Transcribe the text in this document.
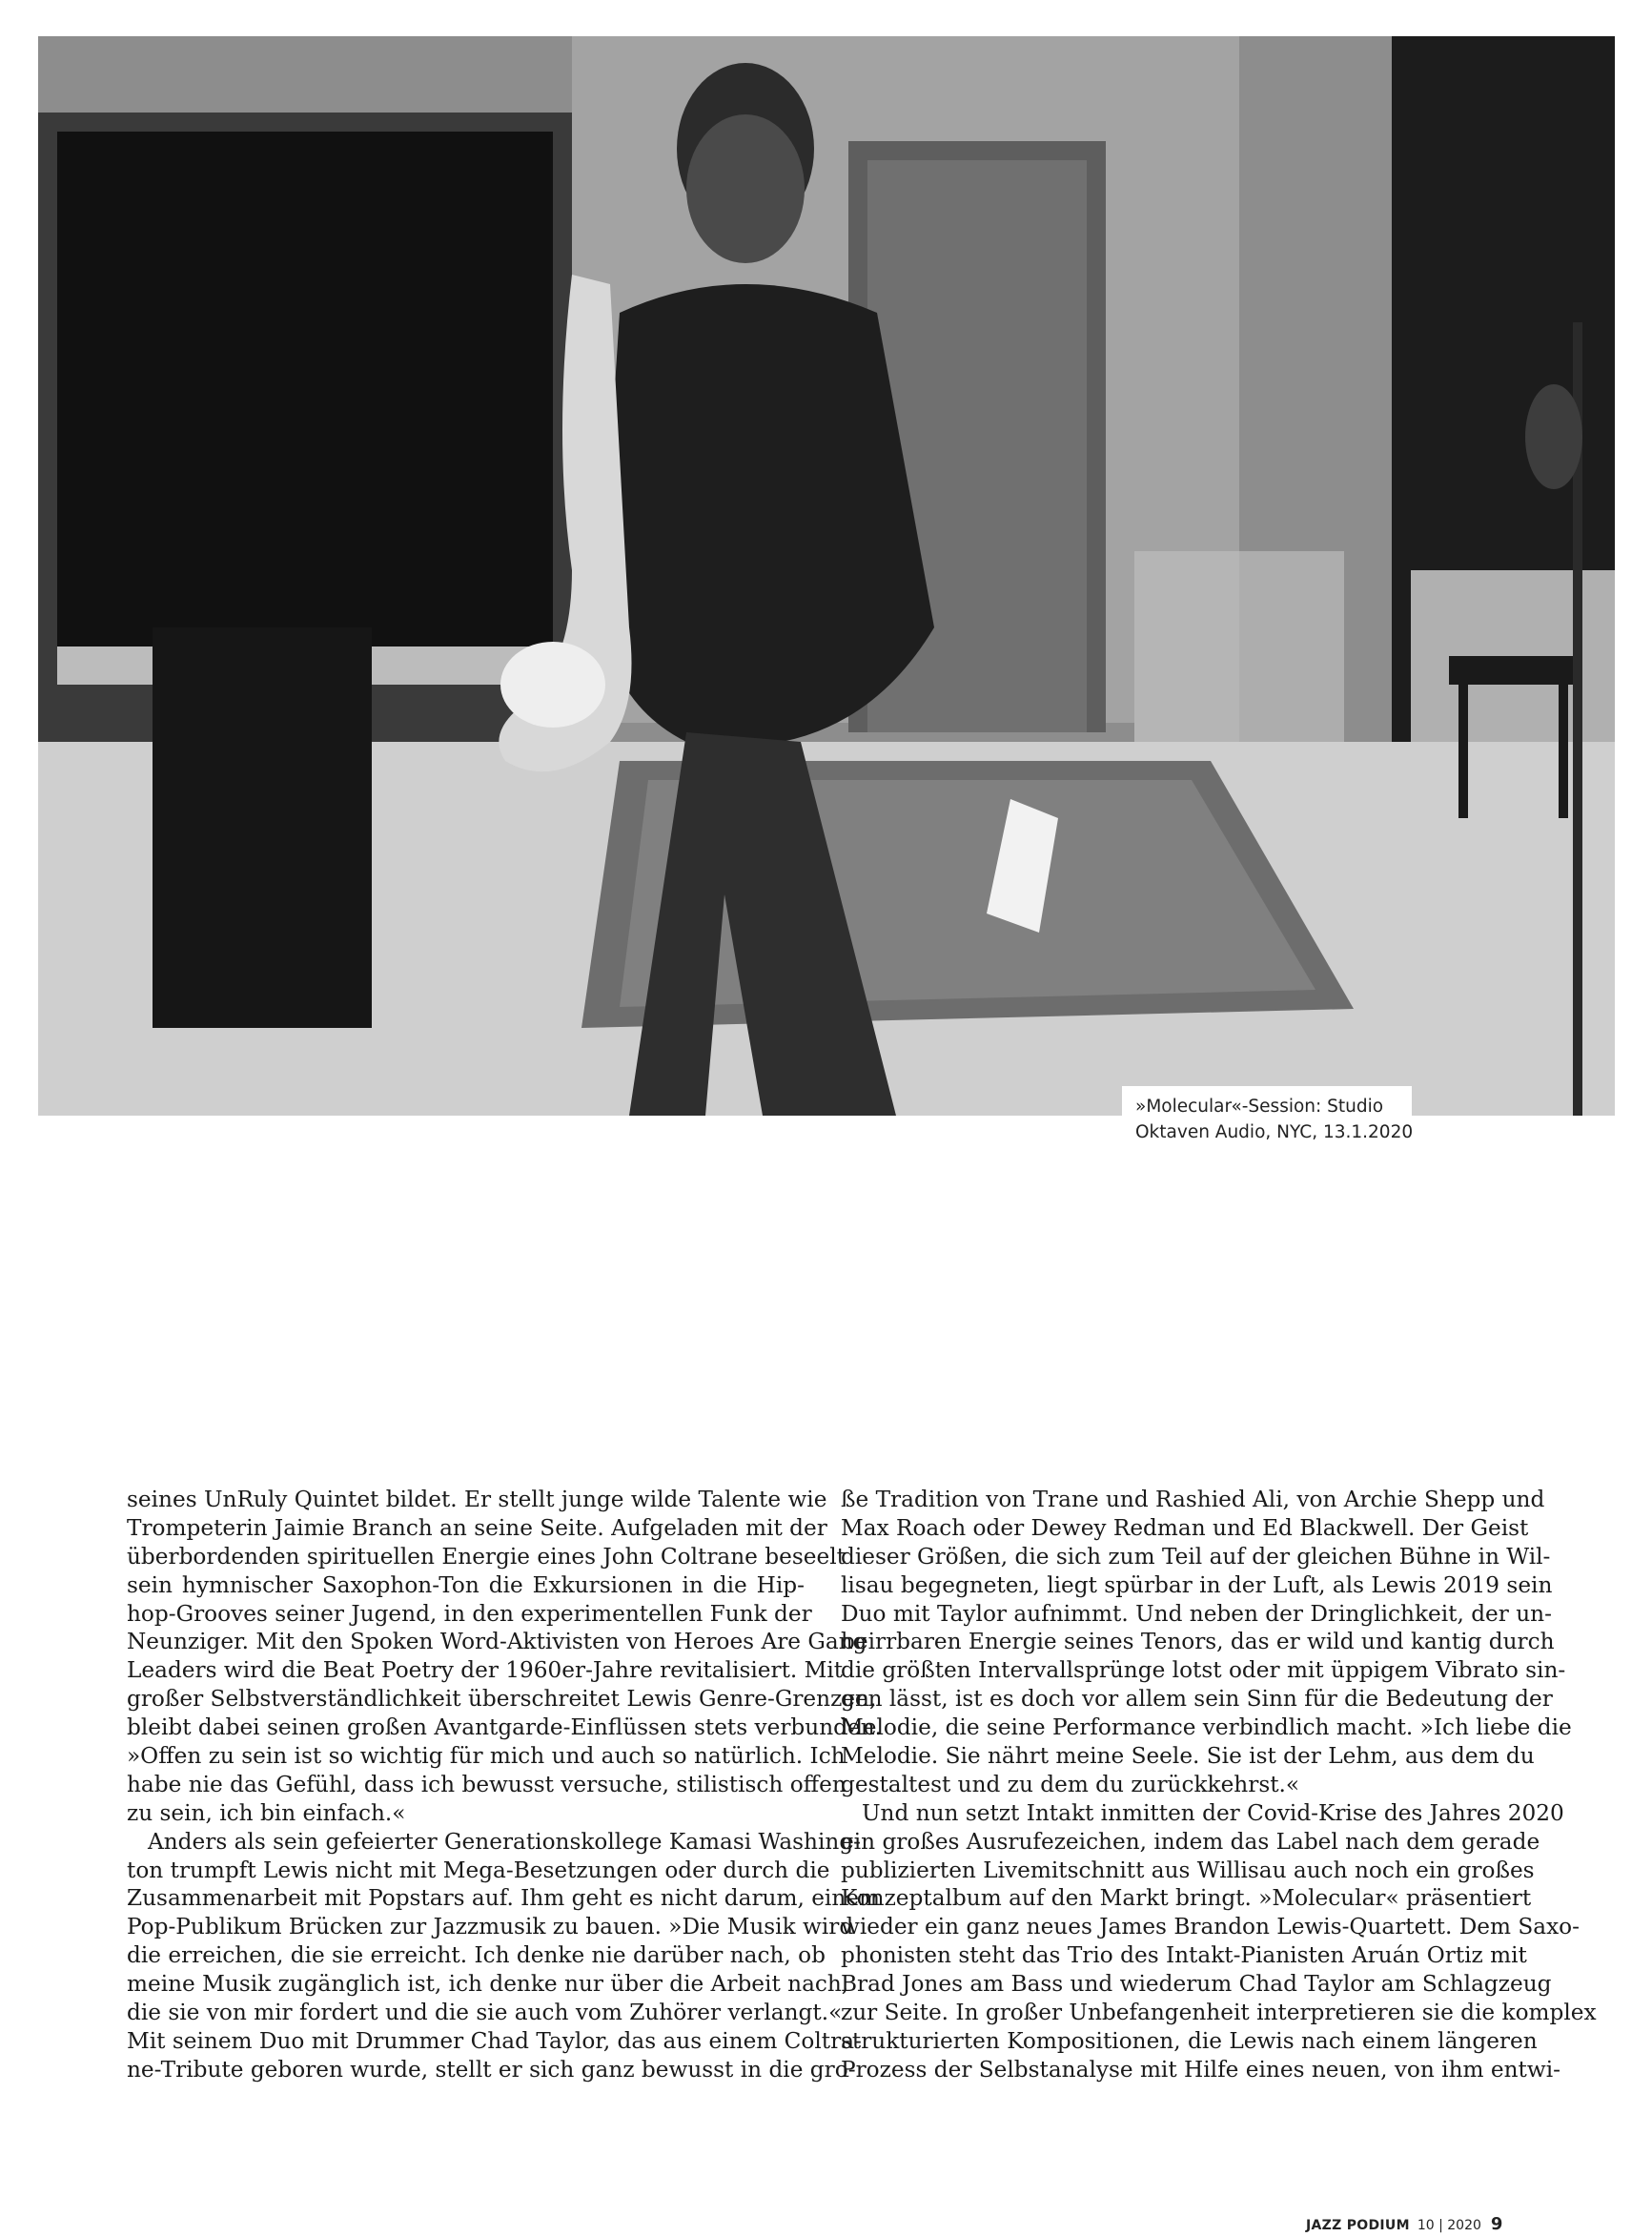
»Molecular«-Session: Studio
Oktaven Audio, NYC, 13.1.2020
seines UnRuly Quintet bildet. Er stellt junge wilde Talente wie
Trompeterin Jaimie Branch an seine Seite. Aufgeladen mit der
überbordenden spirituellen Energie eines John Coltrane beseelt
sein hymnischer Saxophon-Ton die Exkursionen in die Hip-
hop-Grooves seiner Jugend, in den experimentellen Funk der
Neunziger. Mit den Spoken Word-Aktivisten von Heroes Are Gang
Leaders wird die Beat Poetry der 1960er-Jahre revitalisiert. Mit
großer Selbstverständlichkeit überschreitet Lewis Genre-Grenzen,
bleibt dabei seinen großen Avantgarde-Einflüssen stets verbunden.
»Offen zu sein ist so wichtig für mich und auch so natürlich. Ich
habe nie das Gefühl, dass ich bewusst versuche, stilistisch offen
zu sein, ich bin einfach.«
Anders als sein gefeierter Generationskollege Kamasi Washing-
ton trumpft Lewis nicht mit Mega-Besetzungen oder durch die
Zusammenarbeit mit Popstars auf. Ihm geht es nicht darum, einem
Pop-Publikum Brücken zur Jazzmusik zu bauen. »Die Musik wird
die erreichen, die sie erreicht. Ich denke nie darüber nach, ob
meine Musik zugänglich ist, ich denke nur über die Arbeit nach,
die sie von mir fordert und die sie auch vom Zuhörer verlangt.«
Mit seinem Duo mit Drummer Chad Taylor, das aus einem Coltra-
ne-Tribute geboren wurde, stellt er sich ganz bewusst in die gro-
ße Tradition von Trane und Rashied Ali, von Archie Shepp und
Max Roach oder Dewey Redman und Ed Blackwell. Der Geist
dieser Größen, die sich zum Teil auf der gleichen Bühne in Wil-
lisau begegneten, liegt spürbar in der Luft, als Lewis 2019 sein
Duo mit Taylor aufnimmt. Und neben der Dringlichkeit, der un-
beirrbaren Energie seines Tenors, das er wild und kantig durch
die größten Intervallsprünge lotst oder mit üppigem Vibrato sin-
gen lässt, ist es doch vor allem sein Sinn für die Bedeutung der
Melodie, die seine Performance verbindlich macht. »Ich liebe die
Melodie. Sie nährt meine Seele. Sie ist der Lehm, aus dem du
gestaltest und zu dem du zurückkehrst.«
Und nun setzt Intakt inmitten der Covid-Krise des Jahres 2020
ein großes Ausrufezeichen, indem das Label nach dem gerade
publizierten Livemitschnitt aus Willisau auch noch ein großes
Konzeptalbum auf den Markt bringt. »Molecular« präsentiert
wieder ein ganz neues James Brandon Lewis-Quartett. Dem Saxo-
phonisten steht das Trio des Intakt-Pianisten Aruán Ortiz mit
Brad Jones am Bass und wiederum Chad Taylor am Schlagzeug
zur Seite. In großer Unbefangenheit interpretieren sie die komplex
strukturierten Kompositionen, die Lewis nach einem längeren
Prozess der Selbstanalyse mit Hilfe eines neuen, von ihm entwi-
JAZZ PODIUM 10 | 2020 9
